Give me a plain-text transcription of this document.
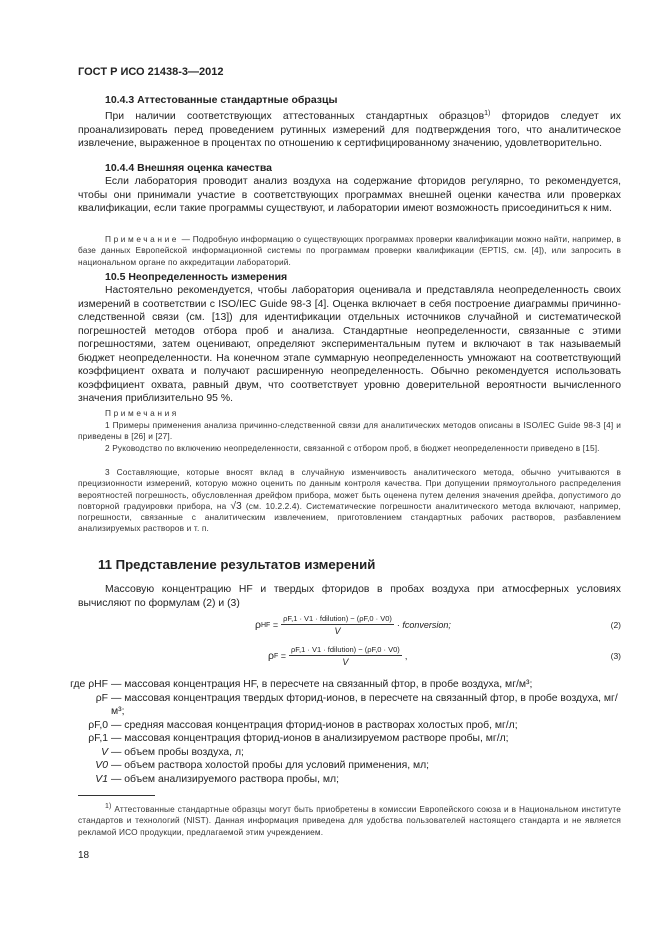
ГОСТ Р ИСО 21438-3—2012
10.4.3 Аттестованные стандартные образцы
При наличии соответствующих аттестованных стандартных образцов$^{1)}$ фторидов следует их проанализировать перед проведением рутинных измерений для подтверждения того, что аналитическое извлечение, выраженное в процентах по отношению к сертифицированному значению, удовлетворительно.
10.4.4 Внешняя оценка качества
Если лаборатория проводит анализ воздуха на содержание фторидов регулярно, то рекомендуется, чтобы они принимали участие в соответствующих программах внешней оценки качества или проверках квалификации, если такие программы существуют, и лаборатории имеют возможность присоединиться к ним.
Примечание — Подробную информацию о существующих программах проверки квалификации можно найти, например, в базе данных Европейской информационной системы по программам проверки квалификации (EPTIS, см. [4]), или запросить в национальном органе по аккредитации лабораторий.
10.5 Неопределенность измерения
Настоятельно рекомендуется, чтобы лаборатория оценивала и представляла неопределенность своих измерений в соответствии с ISO/IEC Guide 98-3 [4]. Оценка включает в себя построение диаграммы причинно-следственной связи (см. [13]) для идентификации отдельных источников случайной и систематической погрешностей методов отбора проб и анализа. Стандартные неопределенности, связанные с этими погрешностями, затем оценивают, определяют экспериментальным путем и включают в так называемый бюджет неопределенности. На конечном этапе суммарную неопределенность умножают на соответствующий коэффициент охвата и получают расширенную неопределенность. Обычно рекомендуется использовать коэффициент охвата, равный двум, что соответствует уровню доверительной вероятности вычисленного значения приблизительно 95 %.
Примечания
1 Примеры применения анализа причинно-следственной связи для аналитических методов описаны в ISO/IEC Guide 98-3 [4] и приведены в [26] и [27].
2 Руководство по включению неопределенности, связанной с отбором проб, в бюджет неопределенности приведено в [15].
3 Составляющие, которые вносят вклад в случайную изменчивость аналитического метода, обычно учитываются в прецизионности измерений, которую можно оценить по данным контроля качества. При допущении прямоугольного распределения вероятностей погрешность, обусловленная дрейфом прибора, может быть оценена путем деления значения дрейфа, допустимого до повторной градуировки прибора, на √3 (см. 10.2.2.4). Систематические погрешности аналитического метода включают, например, погрешности, связанные с аналитическим извлечением, приготовлением стандартных рабочих растворов, разбавлением анализируемых растворов и т. п.
11 Представление результатов измерений
Массовую концентрацию HF и твердых фторидов в пробах воздуха при атмосферных условиях вычисляют по формулам (2) и (3)
ρ HF = $\frac{\text{ρF,1 · V1 · fdilution) − (ρF,0 · V0)}}{V}$ · fconversion;	(2)
ρ $F = \frac{\text{ρF,1 · V1 · fdilution) − (ρF,0 · V0)}}{V}$ ,	(3)
где ρHF — массовая концентрация HF, в пересчете на связанный фтор, в пробе воздуха, мг/м³;
ρF — массовая концентрация твердых фторид-ионов, в пересчете на связанный фтор, в пробе воздуха, мг/м³;
ρF,0 — средняя массовая концентрация фторид-ионов в растворах холостых проб, мг/л;
ρF,1 — массовая концентрация фторид-ионов в анализируемом растворе пробы, мг/л;
V — объем пробы воздуха, л;
V0 — объем раствора холостой пробы для условий применения, мл;
V1 — объем анализируемого раствора пробы, мл;
$^{1)}$ Аттестованные стандартные образцы могут быть приобретены в комиссии Европейского союза и в Национальном институте стандартов и технологий (NIST). Данная информация приведена для удобства пользователей настоящего стандарта и не является рекламой ИСО продукции, предлагаемой этим учреждением.
18
